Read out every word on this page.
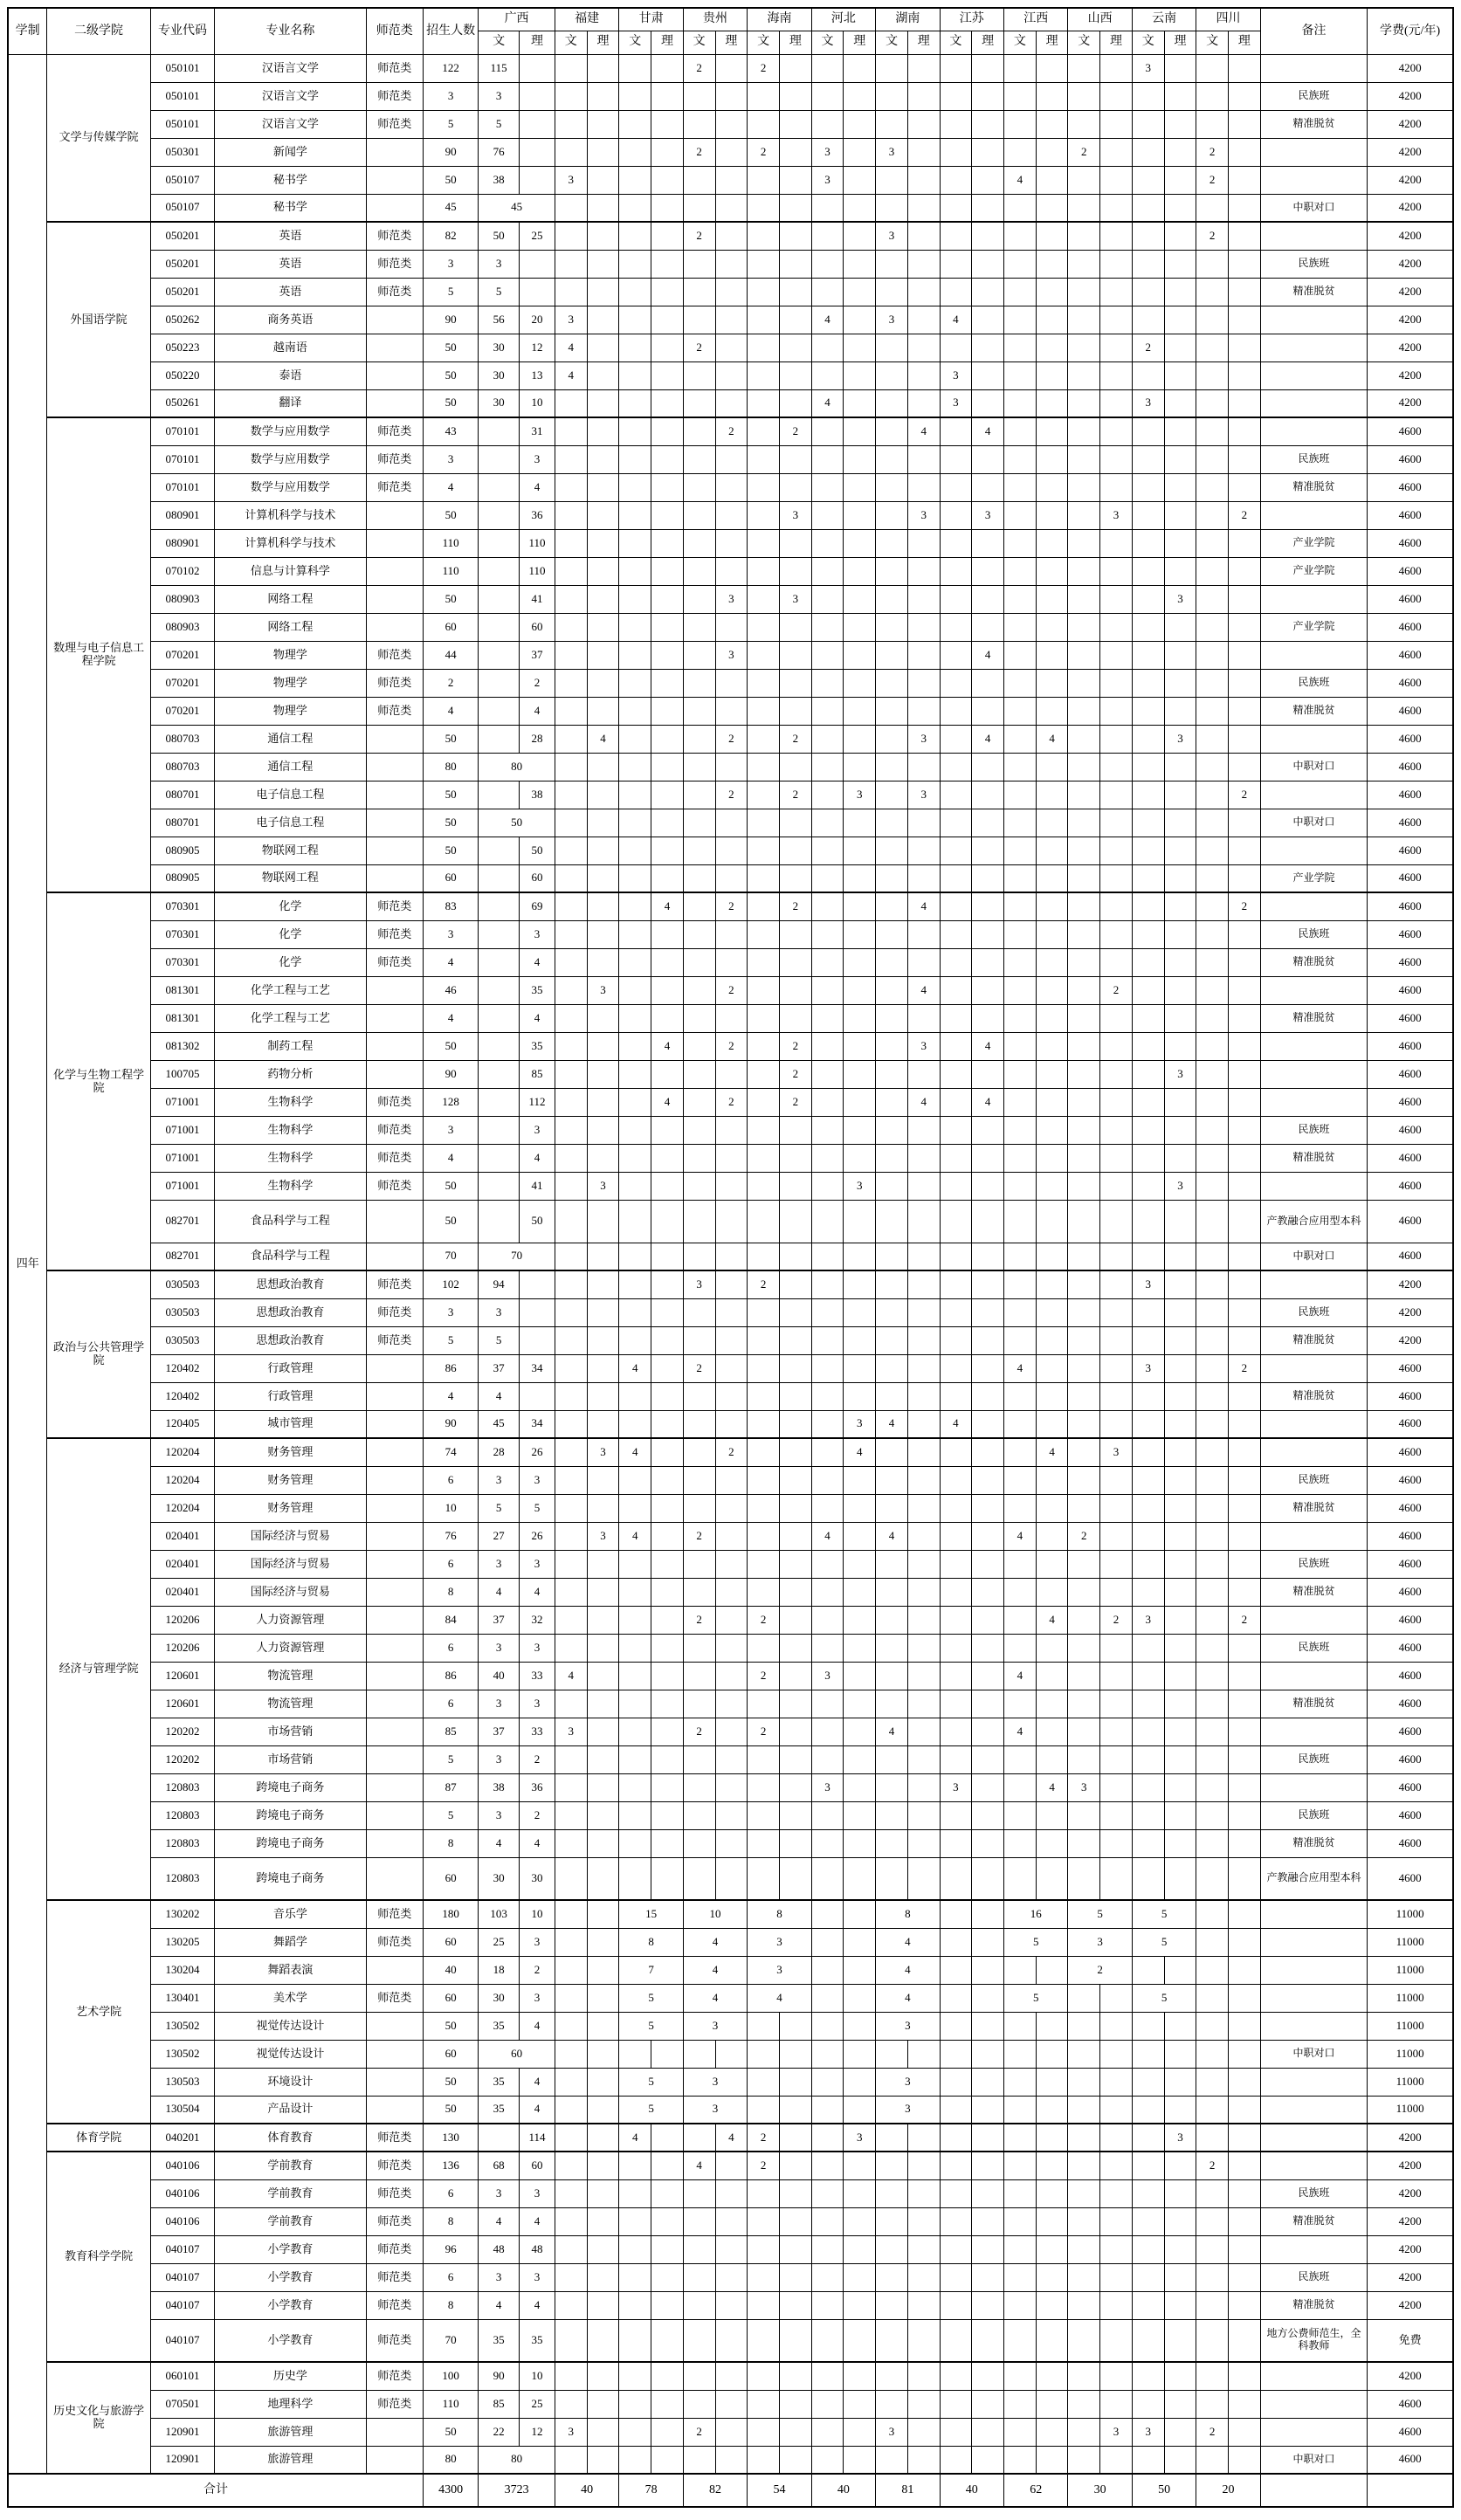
学制	二级学院	专业代码	专业名称	师范类	招生人数	广西		福建		甘肃		贵州		海南		河北		湖南		江苏		江西		山西		云南		四川		备注	学费(元/年)
						文	理	文	理	文	理	文	理	文	理	文	理	文	理	文	理	文	理	文	理	文	理	文	理		
四年	文学与传媒学院	050101	汉语言文学	师范类	122	115						2		2												3					4200
		050101	汉语言文学	师范类	3	3																								民族班	4200
		050101	汉语言文学	师范类	5	5																								精准脱贫	4200
		050301	新闻学		90	76						2		2		3		3						2				2			4200
		050107	秘书学		50	38		3								3						4						2			4200
		050107	秘书学		45	45																								中职对口	4200
	外国语学院	050201	英语	师范类	82	50	25					2						3										2			4200
		050201	英语	师范类	3	3																								民族班	4200
		050201	英语	师范类	5	5																								精准脱贫	4200
		050262	商务英语		90	56	20	3								4		3		4											4200
		050223	越南语		50	30	12	4				2														2					4200
		050220	泰语		50	30	13	4												3											4200
		050261	翻译		50	30	10									4				3						3					4200
	数理与电子信息工程学院	070101	数学与应用数学	师范类	43		31						2		2				4		4										4600
		070101	数学与应用数学	师范类	3		3																							民族班	4600
		070101	数学与应用数学	师范类	4		4																							精准脱贫	4600
		080901	计算机科学与技术		50		36								3				3		3				3				2		4600
		080901	计算机科学与技术		110		110																							产业学院	4600
		070102	信息与计算科学		110		110																							产业学院	4600
		080903	网络工程		50		41						3		3												3				4600
		080903	网络工程		60		60																							产业学院	4600
		070201	物理学	师范类	44		37						3								4										4600
		070201	物理学	师范类	2		2																							民族班	4600
		070201	物理学	师范类	4		4																							精准脱贫	4600
		080703	通信工程		50		28		4				2		2				3		4		4				3				4600
		080703	通信工程		80	80																								中职对口	4600
		080701	电子信息工程		50		38						2		2		3		3										2		4600
		080701	电子信息工程		50	50																								中职对口	4600
		080905	物联网工程		50		50																								4600
		080905	物联网工程		60		60																							产业学院	4600
	化学与生物工程学院	070301	化学	师范类	83		69				4		2		2				4										2		4600
		070301	化学	师范类	3		3																							民族班	4600
		070301	化学	师范类	4		4																							精准脱贫	4600
		081301	化学工程与工艺		46		35		3				2						4						2						4600
		081301	化学工程与工艺		4		4																							精准脱贫	4600
		081302	制药工程		50		35				4		2		2				3		4										4600
		100705	药物分析		90		85								2												3				4600
		071001	生物科学	师范类	128		112				4		2		2				4		4										4600
		071001	生物科学	师范类	3		3																							民族班	4600
		071001	生物科学	师范类	4		4																							精准脱贫	4600
		071001	生物科学	师范类	50		41		3								3										3				4600
		082701	食品科学与工程		50		50																							产教融合应用型本科	4600
		082701	食品科学与工程		70	70																								中职对口	4600
	政治与公共管理学院	030503	思想政治教育	师范类	102	94						3		2												3					4200
		030503	思想政治教育	师范类	3	3																								民族班	4200
		030503	思想政治教育	师范类	5	5																								精准脱贫	4200
		120402	行政管理		86	37	34			4		2										4				3			2		4600
		120402	行政管理		4	4																								精准脱贫	4600
		120405	城市管理		90	45	34										3	4		4											4600
	经济与管理学院	120204	财务管理		74	28	26		3	4			2				4						4		3						4600
		120204	财务管理		6	3	3																							民族班	4600
		120204	财务管理		10	5	5																							精准脱贫	4600
		020401	国际经济与贸易		76	27	26		3	4		2				4		4				4		2							4600
		020401	国际经济与贸易		6	3	3																							民族班	4600
		020401	国际经济与贸易		8	4	4																							精准脱贫	4600
		120206	人力资源管理		84	37	32					2		2									4		2	3			2		4600
		120206	人力资源管理		6	3	3																							民族班	4600
		120601	物流管理		86	40	33	4						2		3						4									4600
		120601	物流管理		6	3	3																							精准脱贫	4600
		120202	市场营销		85	37	33	3				2		2				4				4									4600
		120202	市场营销		5	3	2																							民族班	4600
		120803	跨境电子商务		87	38	36									3				3			4	3							4600
		120803	跨境电子商务		5	3	2																							民族班	4600
		120803	跨境电子商务		8	4	4																							精准脱贫	4600
		120803	跨境电子商务		60	30	30																							产教融合应用型本科	4600
	艺术学院	130202	音乐学	师范类	180	103	10			15		10		8				8				16		5		5					11000
		130205	舞蹈学	师范类	60	25	3			8		4		3				4				5		3		5					11000
		130204	舞蹈表演		40	18	2			7		4		3				4						2							11000
		130401	美术学	师范类	60	30	3			5		4		4				4				5				5					11000
		130502	视觉传达设计		50	35	4			5		3						3													11000
		130502	视觉传达设计		60	60																								中职对口	11000
		130503	环境设计		50	35	4			5		3						3													11000
		130504	产品设计		50	35	4			5		3						3													11000
	体育学院	040201	体育教育	师范类	130		114			4			4	2			3										3				4200
	教育科学学院	040106	学前教育	师范类	136	68	60					4		2														2			4200
		040106	学前教育	师范类	6	3	3																							民族班	4200
		040106	学前教育	师范类	8	4	4																							精准脱贫	4200
		040107	小学教育	师范类	96	48	48																								4200
		040107	小学教育	师范类	6	3	3																							民族班	4200
		040107	小学教育	师范类	8	4	4																							精准脱贫	4200
		040107	小学教育	师范类	70	35	35																							地方公费师范生，全科教师	免费
	历史文化与旅游学院	060101	历史学	师范类	100	90	10																								4200
		070501	地理科学	师范类	110	85	25																								4600
		120901	旅游管理		50	22	12	3				2						3							3	3		2			4600
		120901	旅游管理		80	80																								中职对口	4600
合计					4300	3723		40		78		82		54		40		81		40		62		30		50		20			
